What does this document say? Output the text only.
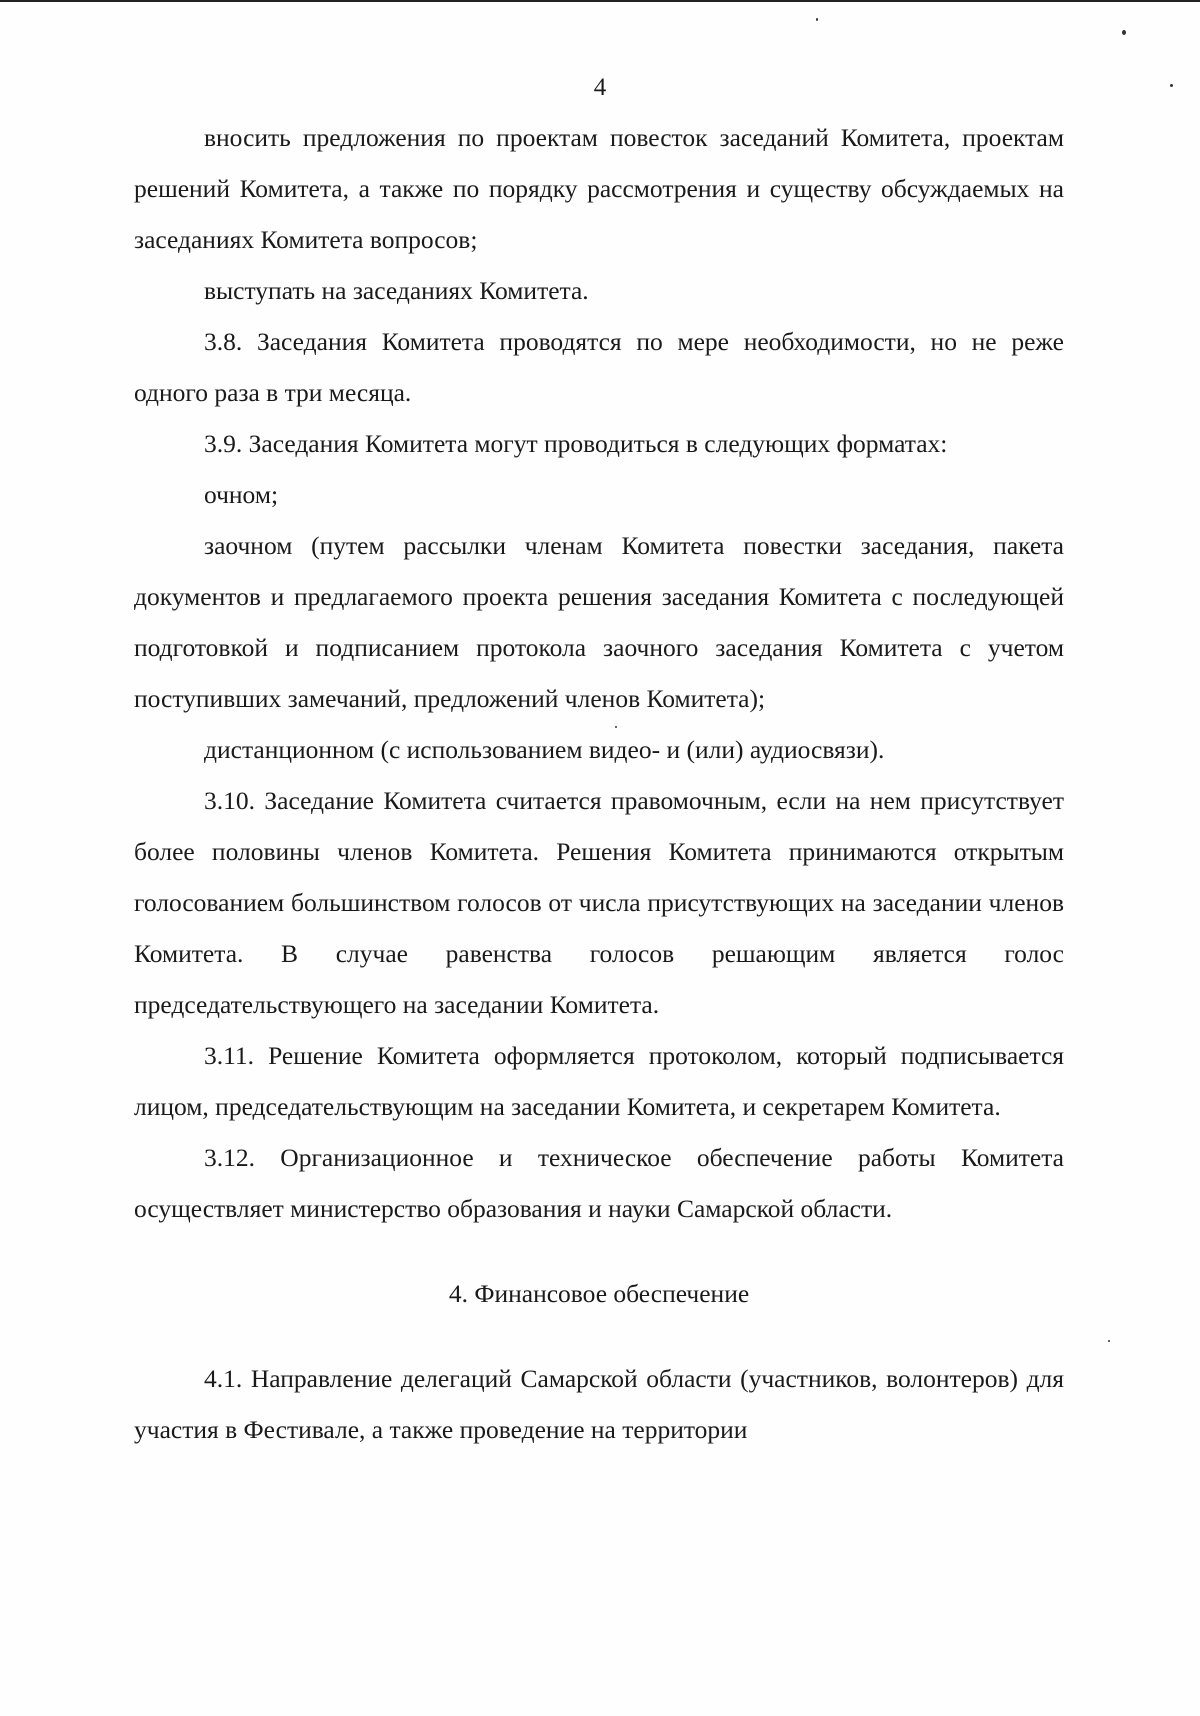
4

вносить предложения по проектам повесток заседаний Комитета, проектам решений Комитета, а также по порядку рассмотрения и существу обсуждаемых на заседаниях Комитета вопросов;

выступать на заседаниях Комитета.

3.8. Заседания Комитета проводятся по мере необходимости, но не реже одного раза в три месяца.

3.9. Заседания Комитета могут проводиться в следующих форматах:

очном;

заочном (путем рассылки членам Комитета повестки заседания, пакета документов и предлагаемого проекта решения заседания Комитета с последующей подготовкой и подписанием протокола заочного заседания Комитета с учетом поступивших замечаний, предложений членов Комитета);

дистанционном (с использованием видео- и (или) аудиосвязи).

3.10. Заседание Комитета считается правомочным, если на нем присутствует более половины членов Комитета. Решения Комитета принимаются открытым голосованием большинством голосов от числа присутствующих на заседании членов Комитета. В случае равенства голосов решающим является голос председательствующего на заседании Комитета.

3.11. Решение Комитета оформляется протоколом, который подписывается лицом, председательствующим на заседании Комитета, и секретарем Комитета.

3.12. Организационное и техническое обеспечение работы Комитета осуществляет министерство образования и науки Самарской области.

4. Финансовое обеспечение

4.1. Направление делегаций Самарской области (участников, волонтеров) для участия в Фестивале, а также проведение на территории
